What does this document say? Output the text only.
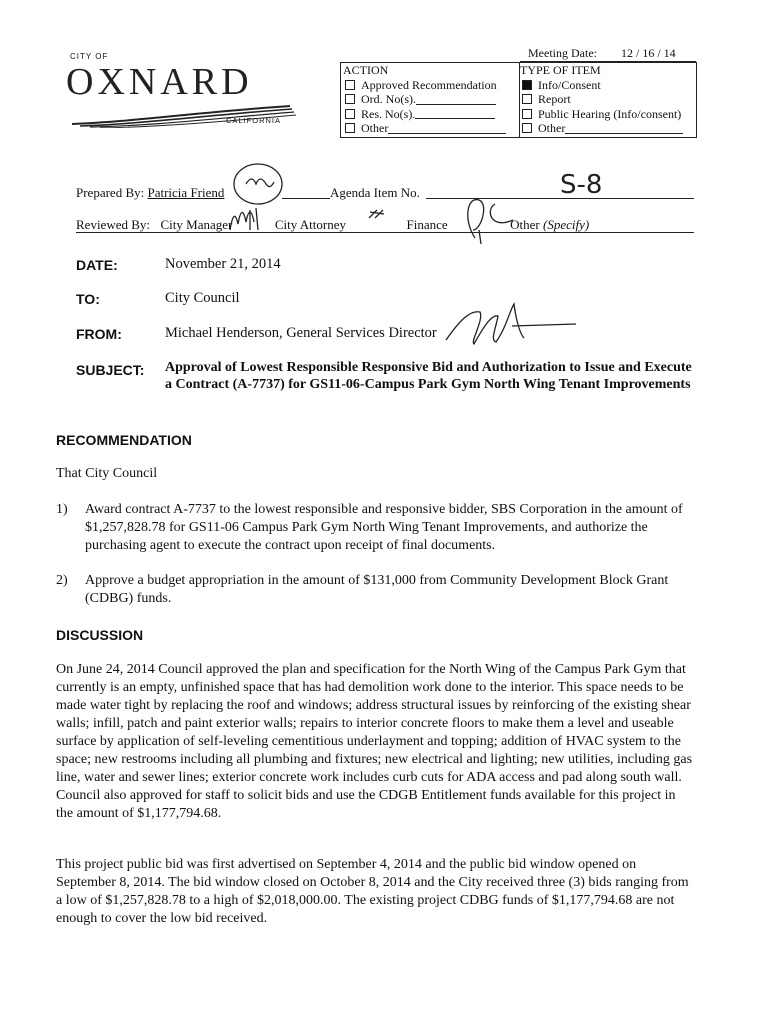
CITY OF
OXNARD
CALIFORNIA
Meeting Date: 12 / 16 / 14
ACTION
Approved Recommendation
Ord. No(s).
Res. No(s).
Other
TYPE OF ITEM
Info/Consent
Report
Public Hearing (Info/consent)
Other
Prepared By: Patricia Friend	Agenda Item No.	S-8
Reviewed By: City Manager	City Attorney	Finance	Other (Specify)
DATE:	November 21, 2014
TO:	City Council
FROM:	Michael Henderson, General Services Director
SUBJECT: Approval of Lowest Responsible Responsive Bid and Authorization to Issue and Execute a Contract (A-7737) for GS11-06-Campus Park Gym North Wing Tenant Improvements
RECOMMENDATION
That City Council
1) Award contract A-7737 to the lowest responsible and responsive bidder, SBS Corporation in the amount of $1,257,828.78 for GS11-06 Campus Park Gym North Wing Tenant Improvements, and authorize the purchasing agent to execute the contract upon receipt of final documents.
2) Approve a budget appropriation in the amount of $131,000 from Community Development Block Grant (CDBG) funds.
DISCUSSION
On June 24, 2014 Council approved the plan and specification for the North Wing of the Campus Park Gym that currently is an empty, unfinished space that has had demolition work done to the interior. This space needs to be made water tight by replacing the roof and windows; address structural issues by reinforcing of the existing shear walls; infill, patch and paint exterior walls; repairs to interior concrete floors to make them a level and useable surface by application of self-leveling cementitious underlayment and topping; addition of HVAC system to the space; new restrooms including all plumbing and fixtures; new electrical and lighting; new utilities, including gas line, water and sewer lines; exterior concrete work includes curb cuts for ADA access and pad along south wall. Council also approved for staff to solicit bids and use the CDGB Entitlement funds available for this project in the amount of $1,177,794.68.
This project public bid was first advertised on September 4, 2014 and the public bid window opened on September 8, 2014. The bid window closed on October 8, 2014 and the City received three (3) bids ranging from a low of $1,257,828.78 to a high of $2,018,000.00. The existing project CDBG funds of $1,177,794.68 are not enough to cover the low bid received.
